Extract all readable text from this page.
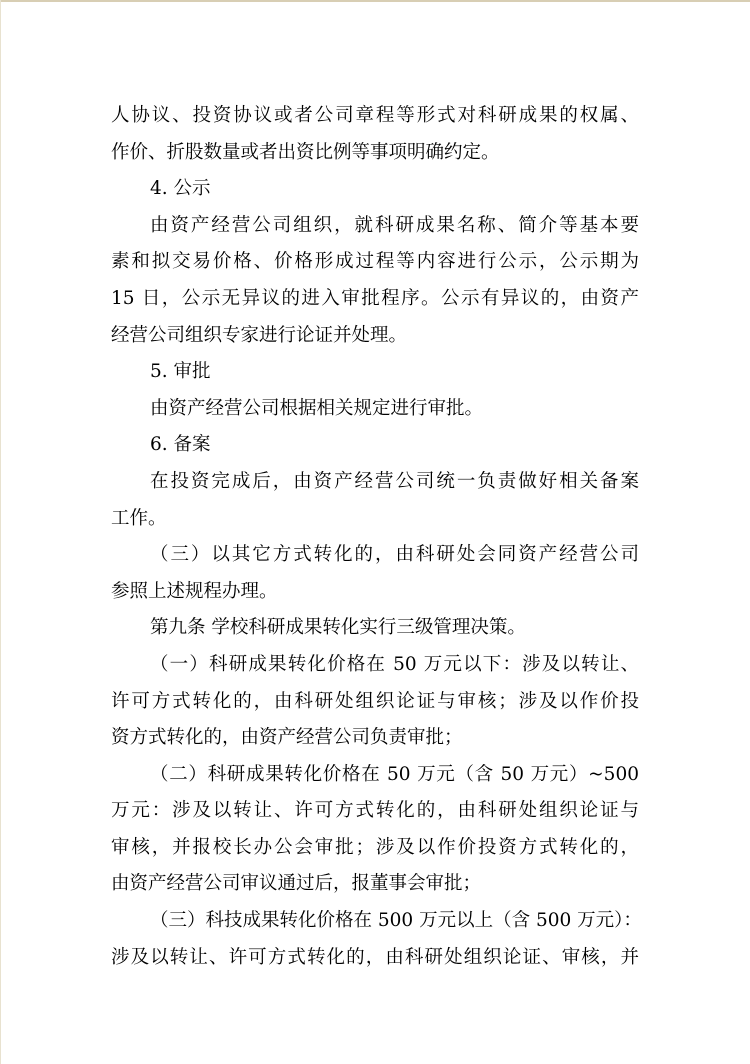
人协议、投资协议或者公司章程等形式对科研成果的权属、
作价、折股数量或者出资比例等事项明确约定。
4. 公示
由资产经营公司组织，就科研成果名称、简介等基本要
素和拟交易价格、价格形成过程等内容进行公示，公示期为
15 日，公示无异议的进入审批程序。公示有异议的，由资产
经营公司组织专家进行论证并处理。
5. 审批
由资产经营公司根据相关规定进行审批。
6. 备案
在投资完成后，由资产经营公司统一负责做好相关备案
工作。
（三）以其它方式转化的，由科研处会同资产经营公司
参照上述规程办理。
第九条 学校科研成果转化实行三级管理决策。
（一）科研成果转化价格在 50 万元以下：涉及以转让、
许可方式转化的，由科研处组织论证与审核；涉及以作价投
资方式转化的，由资产经营公司负责审批；
（二）科研成果转化价格在 50 万元（含 50 万元）~500
万元：涉及以转让、许可方式转化的，由科研处组织论证与
审核，并报校长办公会审批；涉及以作价投资方式转化的，
由资产经营公司审议通过后，报董事会审批；
（三）科技成果转化价格在 500 万元以上（含 500 万元）：
涉及以转让、许可方式转化的，由科研处组织论证、审核，并
